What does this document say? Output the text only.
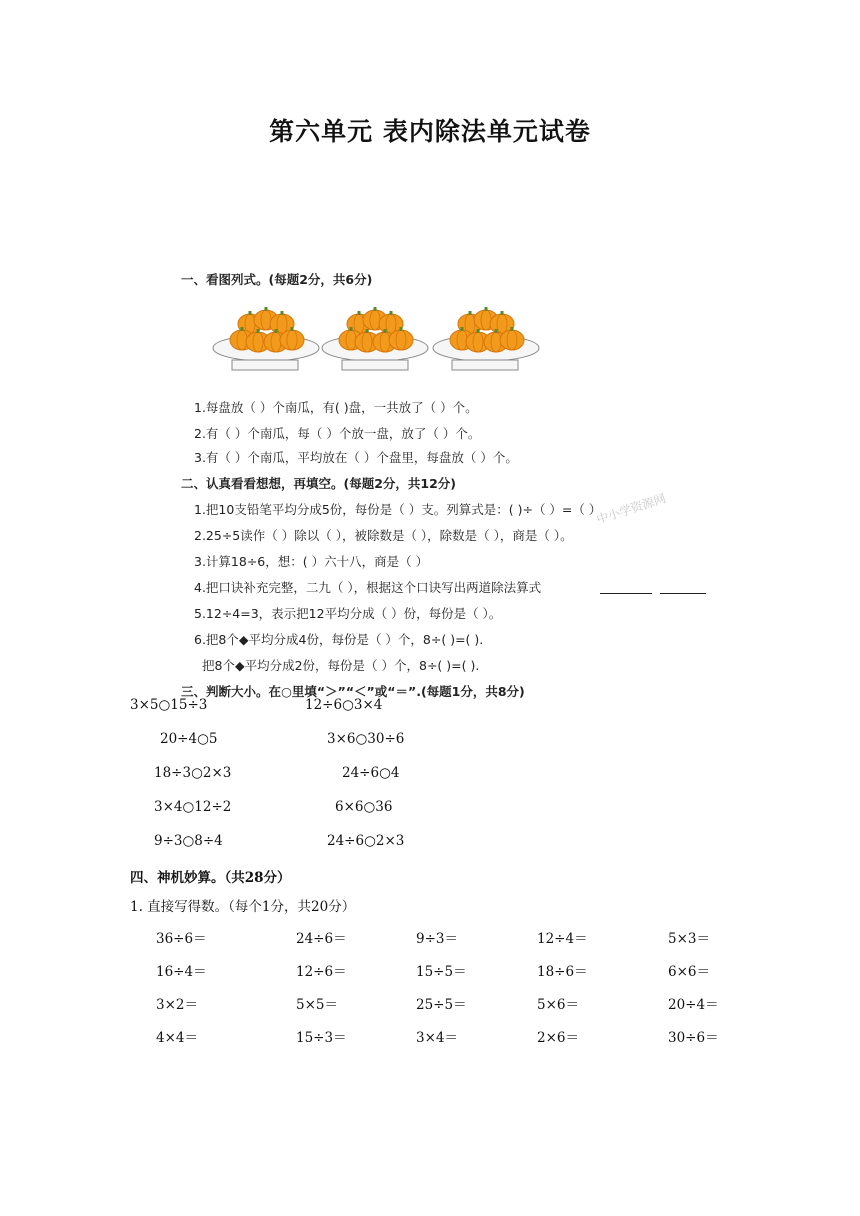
第六单元 表内除法单元试卷
一、看图列式。(每题2分，共6分)
1.每盘放（ ）个南瓜，有( )盘，一共放了（ ）个。
2.有（ ）个南瓜，每（ ）个放一盘，放了（ ）个。
3.有（ ）个南瓜，平均放在（ ）个盘里，每盘放（ ）个。
二、认真看看想想，再填空。(每题2分，共12分)
1.把10支铅笔平均分成5份，每份是（ ）支。列算式是：( )÷（ ）=（ ）
2.25÷5读作（ ）除以（ ），被除数是（ ），除数是（ ），商是（ ）。
3.计算18÷6，想：( ）六十八，商是（ ）
4.把口诀补充完整，二九（ ），根据这个口诀写出两道除法算式
5.12÷4=3，表示把12平均分成（ ）份，每份是（ ）。
6.把8个◆平均分成4份，每份是（ ）个，8÷( )=( ).
把8个◆平均分成2份，每份是（ ）个，8÷( )=( ).
中小学资源网
三、判断大小。在○里填“＞”“＜”或“＝”.(每题1分，共8分)
3×5○15÷3	12÷6○3×4
20÷4○5	3×6○30÷6
18÷3○2×3	24÷6○4
3×4○12÷2	6×6○36
9÷3○8÷4	24÷6○2×3
四、神机妙算。（共28分）
1. 直接写得数。（每个1分，共20分）
36÷6＝	24÷6＝	9÷3＝	12÷4＝	5×3＝
16÷4＝	12÷6＝	15÷5＝	18÷6＝	6×6＝
3×2＝	5×5＝	25÷5＝	5×6＝	20÷4＝
4×4＝	15÷3＝	3×4＝	2×6＝	30÷6＝
